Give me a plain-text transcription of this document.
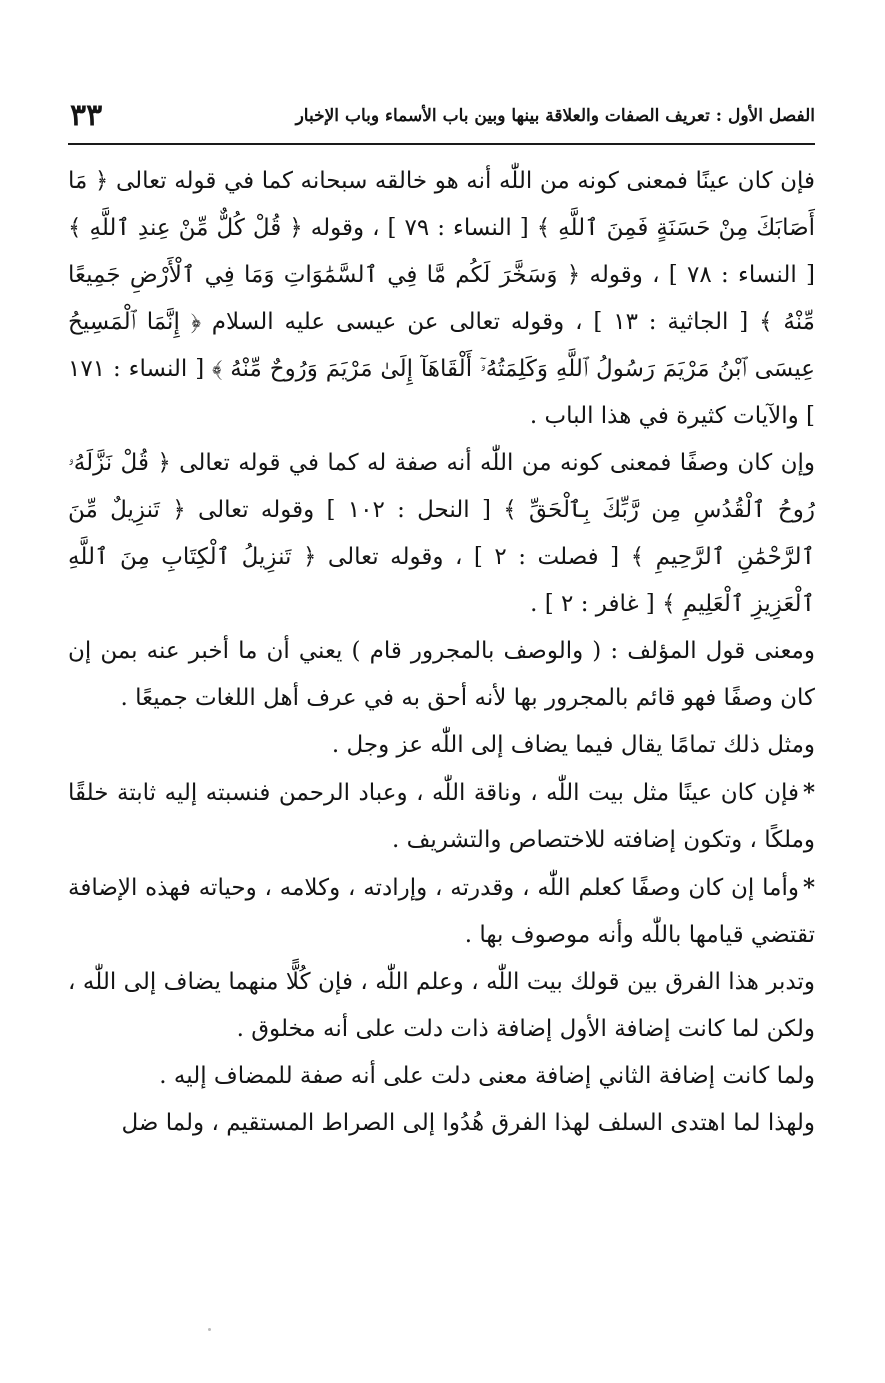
الفصل الأول : تعريف الصفات والعلاقة بينها وبين باب الأسماء وباب الإخبار
٣٣

فإن كان عينًا فمعنى كونه من اللّٰه أنه هو خالقه سبحانه كما في قوله تعالى ﴿ مَا أَصَابَكَ مِنْ حَسَنَةٍ فَمِنَ ٱللَّهِ ﴾ [ النساء : ٧٩ ] ، وقوله ﴿ قُلْ كُلٌّ مِّنْ عِندِ ٱللَّهِ ﴾ [ النساء : ٧٨ ] ، وقوله ﴿ وَسَخَّرَ لَكُم مَّا فِي ٱلسَّمَٰوَاتِ وَمَا فِي ٱلْأَرْضِ جَمِيعًا مِّنْهُ ﴾ [ الجاثية : ١٣ ] ، وقوله تعالى عن عيسى عليه السلام ﴿ إِنَّمَا ٱلْمَسِيحُ عِيسَى ٱبْنُ مَرْيَمَ رَسُولُ ٱللَّهِ وَكَلِمَتُهُۥٓ أَلْقَاهَآ إِلَىٰ مَرْيَمَ وَرُوحٌ مِّنْهُ ﴾ [ النساء : ١٧١ ] والآيات كثيرة في هذا الباب .

وإن كان وصفًا فمعنى كونه من اللّٰه أنه صفة له كما في قوله تعالى ﴿ قُلْ نَزَّلَهُۥ رُوحُ ٱلْقُدُسِ مِن رَّبِّكَ بِٱلْحَقِّ ﴾ [ النحل : ١٠٢ ] وقوله تعالى ﴿ تَنزِيلٌ مِّنَ ٱلرَّحْمَٰنِ ٱلرَّحِيمِ ﴾ [ فصلت : ٢ ] ، وقوله تعالى ﴿ تَنزِيلُ ٱلْكِتَابِ مِنَ ٱللَّهِ ٱلْعَزِيزِ ٱلْعَلِيمِ ﴾ [ غافر : ٢ ] .

ومعنى قول المؤلف : ( والوصف بالمجرور قام ) يعني أن ما أخبر عنه بمن إن كان وصفًا فهو قائم بالمجرور بها لأنه أحق به في عرف أهل اللغات جميعًا .

ومثل ذلك تمامًا يقال فيما يضاف إلى اللّٰه عز وجل .

*فإن كان عينًا مثل بيت اللّٰه ، وناقة اللّٰه ، وعباد الرحمن فنسبته إليه ثابتة خلقًا وملكًا ، وتكون إضافته للاختصاص والتشريف .

*وأما إن كان وصفًا كعلم اللّٰه ، وقدرته ، وإرادته ، وكلامه ، وحياته فهذه الإضافة تقتضي قيامها باللّٰه وأنه موصوف بها .

وتدبر هذا الفرق بين قولك بيت اللّٰه ، وعلم اللّٰه ، فإن كُلًّا منهما يضاف إلى اللّٰه ، ولكن لما كانت إضافة الأول إضافة ذات دلت على أنه مخلوق .

ولما كانت إضافة الثاني إضافة معنى دلت على أنه صفة للمضاف إليه .

ولهذا لما اهتدى السلف لهذا الفرق هُدُوا إلى الصراط المستقيم ، ولما ضل
